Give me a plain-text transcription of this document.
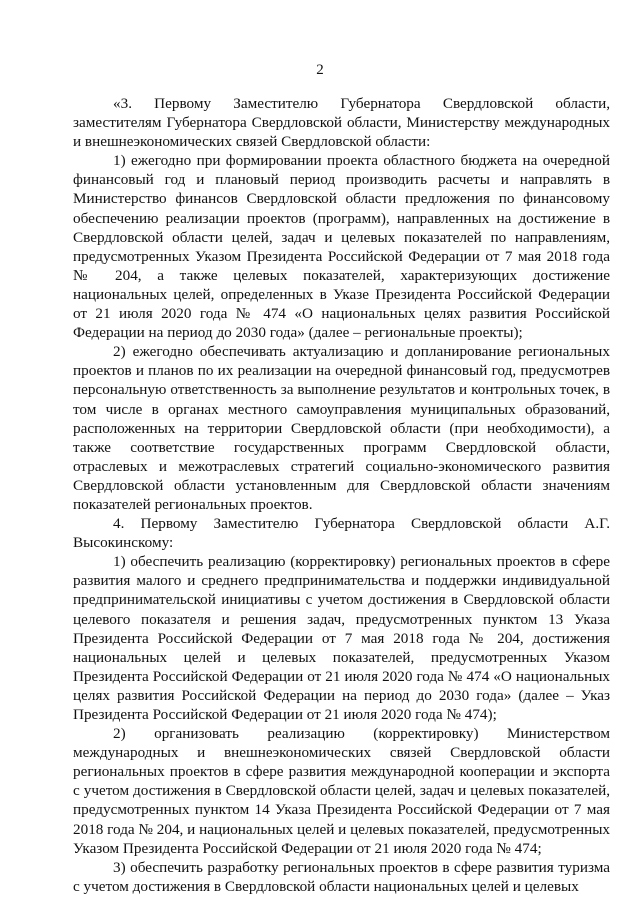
2

«3. Первому Заместителю Губернатора Свердловской области, заместителям Губернатора Свердловской области, Министерству международных и внешнеэкономических связей Свердловской области:

1) ежегодно при формировании проекта областного бюджета на очередной финансовый год и плановый период производить расчеты и направлять в Министерство финансов Свердловской области предложения по финансовому обеспечению реализации проектов (программ), направленных на достижение в Свердловской области целей, задач и целевых показателей по направлениям, предусмотренных Указом Президента Российской Федерации от 7 мая 2018 года № 204, а также целевых показателей, характеризующих достижение национальных целей, определенных в Указе Президента Российской Федерации от 21 июля 2020 года № 474 «О национальных целях развития Российской Федерации на период до 2030 года» (далее – региональные проекты);

2) ежегодно обеспечивать актуализацию и допланирование региональных проектов и планов по их реализации на очередной финансовый год, предусмотрев персональную ответственность за выполнение результатов и контрольных точек, в том числе в органах местного самоуправления муниципальных образований, расположенных на территории Свердловской области (при необходимости), а также соответствие государственных программ Свердловской области, отраслевых и межотраслевых стратегий социально-экономического развития Свердловской области установленным для Свердловской области значениям показателей региональных проектов.

4. Первому Заместителю Губернатора Свердловской области А.Г. Высокинскому:

1) обеспечить реализацию (корректировку) региональных проектов в сфере развития малого и среднего предпринимательства и поддержки индивидуальной предпринимательской инициативы с учетом достижения в Свердловской области целевого показателя и решения задач, предусмотренных пунктом 13 Указа Президента Российской Федерации от 7 мая 2018 года № 204, достижения национальных целей и целевых показателей, предусмотренных Указом Президента Российской Федерации от 21 июля 2020 года № 474 «О национальных целях развития Российской Федерации на период до 2030 года» (далее – Указ Президента Российской Федерации от 21 июля 2020 года № 474);

2) организовать реализацию (корректировку) Министерством международных и внешнеэкономических связей Свердловской области региональных проектов в сфере развития международной кооперации и экспорта с учетом достижения в Свердловской области целей, задач и целевых показателей, предусмотренных пунктом 14 Указа Президента Российской Федерации от 7 мая 2018 года № 204, и национальных целей и целевых показателей, предусмотренных Указом Президента Российской Федерации от 21 июля 2020 года № 474;

3) обеспечить разработку региональных проектов в сфере развития туризма с учетом достижения в Свердловской области национальных целей и целевых
